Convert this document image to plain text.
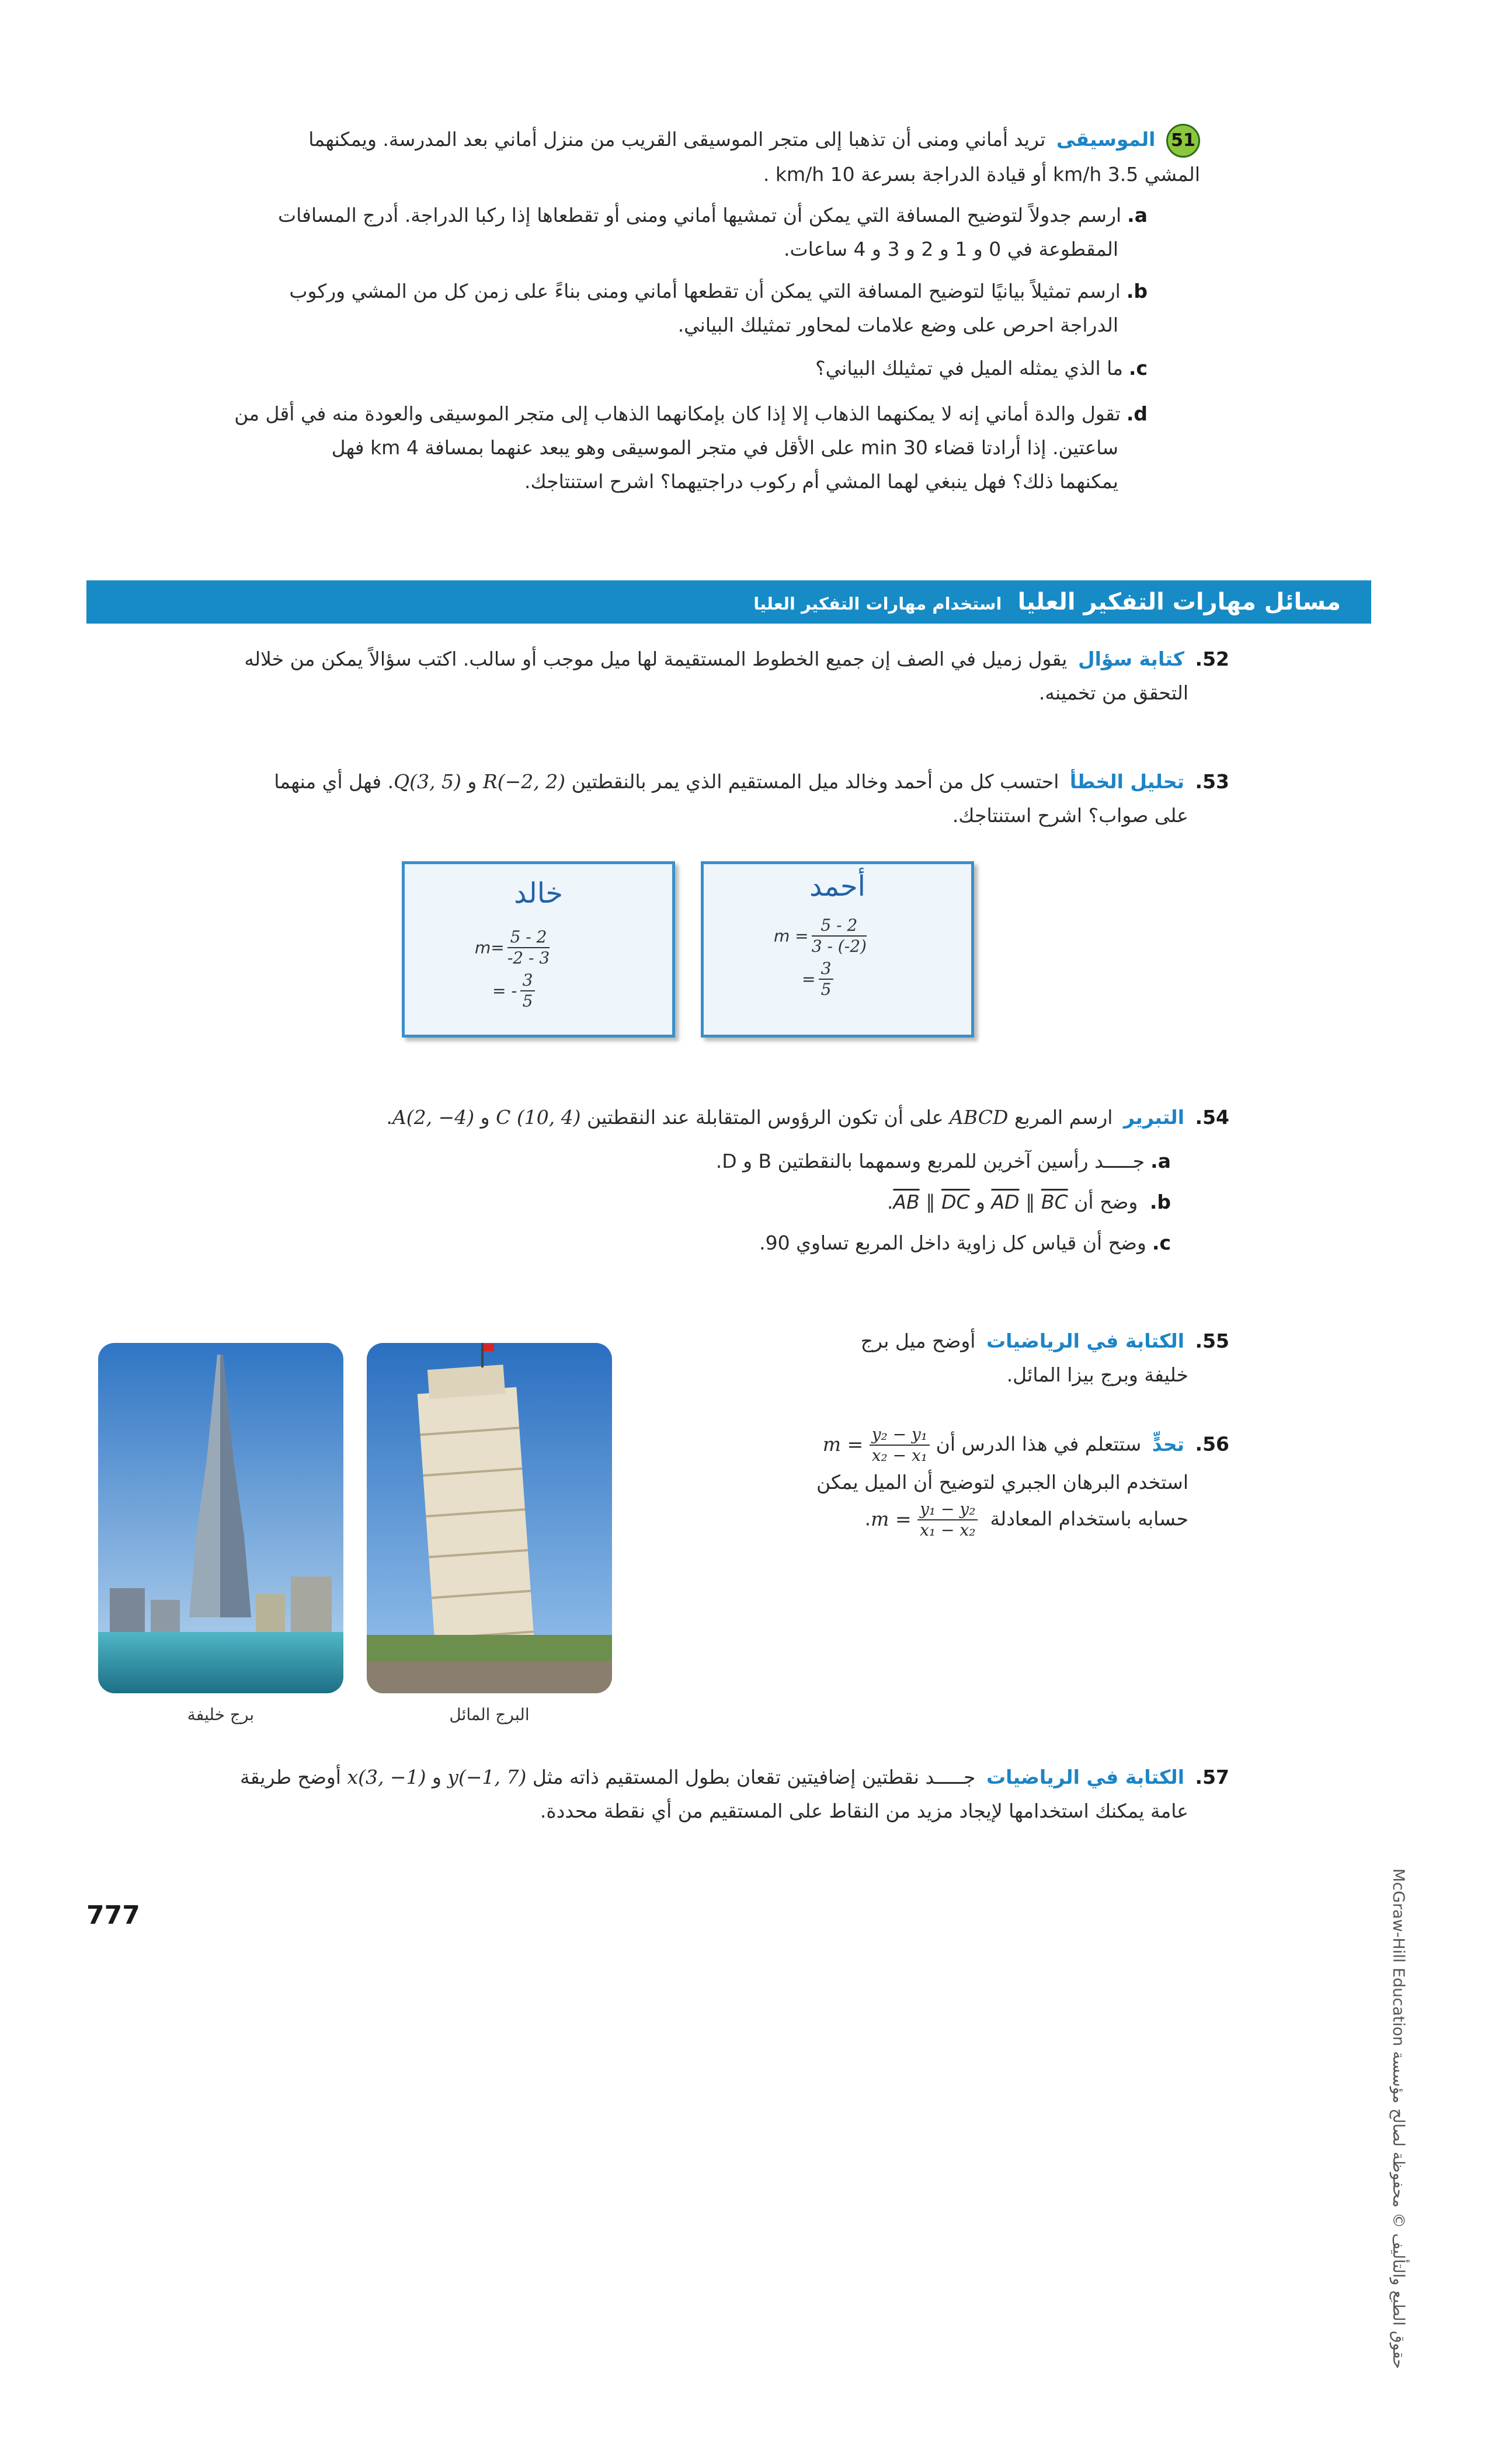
51 الموسيقى تريد أماني ومنى أن تذهبا إلى متجر الموسيقى القريب من منزل أماني بعد المدرسة. ويمكنهما
المشي 3.5 km/h أو قيادة الدراجة بسرعة 10 km/h .
a.ارسم جدولاً لتوضيح المسافة التي يمكن أن تمشيها أماني ومنى أو تقطعاها إذا ركبا الدراجة. أدرج المسافات
المقطوعة في 0 و 1 و 2 و 3 و 4 ساعات.
b.ارسم تمثيلاً بيانيًا لتوضيح المسافة التي يمكن أن تقطعها أماني ومنى بناءً على زمن كل من المشي وركوب
الدراجة احرص على وضع علامات لمحاور تمثيلك البياني.
c.ما الذي يمثله الميل في تمثيلك البياني؟
d.تقول والدة أماني إنه لا يمكنهما الذهاب إلا إذا كان بإمكانهما الذهاب إلى متجر الموسيقى والعودة منه في أقل من
ساعتين. إذا أرادتا قضاء 30 min على الأقل في متجر الموسيقى وهو يبعد عنهما بمسافة 4 km فهل
يمكنهما ذلك؟ فهل ينبغي لهما المشي أم ركوب دراجتيهما؟ اشرح استنتاجك.
مسائل مهارات التفكير العليا استخدام مهارات التفكير العليا
52. كتابة سؤال يقول زميل في الصف إن جميع الخطوط المستقيمة لها ميل موجب أو سالب. اكتب سؤالاً يمكن من خلاله
التحقق من تخمينه.
53. تحليل الخطأ احتسب كل من أحمد وخالد ميل المستقيم الذي يمر بالنقطتين R(−2, 2) و Q(3, 5). فهل أي منهما
على صواب؟ اشرح استنتاجك.
خالد
$m= \frac{5 - 2}{-2 - 3}$
= - $\frac{3}{5}$
أحمد
$m = \frac{5 - 2}{3 - (-2)}$
= $\frac{3}{5}$
54. التبرير ارسم المربع ABCD على أن تكون الرؤوس المتقابلة عند النقطتين C (10, 4) و A(2, −4).
a.جـــــد رأسين آخرين للمربع وسمهما بالنقطتين B و D.
b. وضح أن $\overline{AD}$ ∥ $\overline{BC}$ و $\overline{AB}$ ∥ $\overline{DC}$.
c.وضح أن قياس كل زاوية داخل المربع تساوي 90.
برج خليفة	البرج المائل
55. الكتابة في الرياضيات أوضح ميل برج
خليفة وبرج بيزا المائل.
56. تحدٍّ ستتعلم في هذا الدرس أن $m = \frac{\text{y₂ − y₁}}{\text{x₂ − x₁}}$
استخدم البرهان الجبري لتوضيح أن الميل يمكن
حسابه باستخدام المعادلة $m = \frac{\text{y₁ − y₂}}{\text{x₁ − x₂}}$
.
57. الكتابة في الرياضيات جـــــد نقطتين إضافيتين تقعان بطول المستقيم ذاته مثل y(−1, 7) و x(3, −1) أوضح طريقة
عامة يمكنك استخدامها لإيجاد مزيد من النقاط على المستقيم من أي نقطة محددة.
حقوق الطبع والتأليف © محفوظة لصالح مؤسسة McGraw-Hill Education
777
